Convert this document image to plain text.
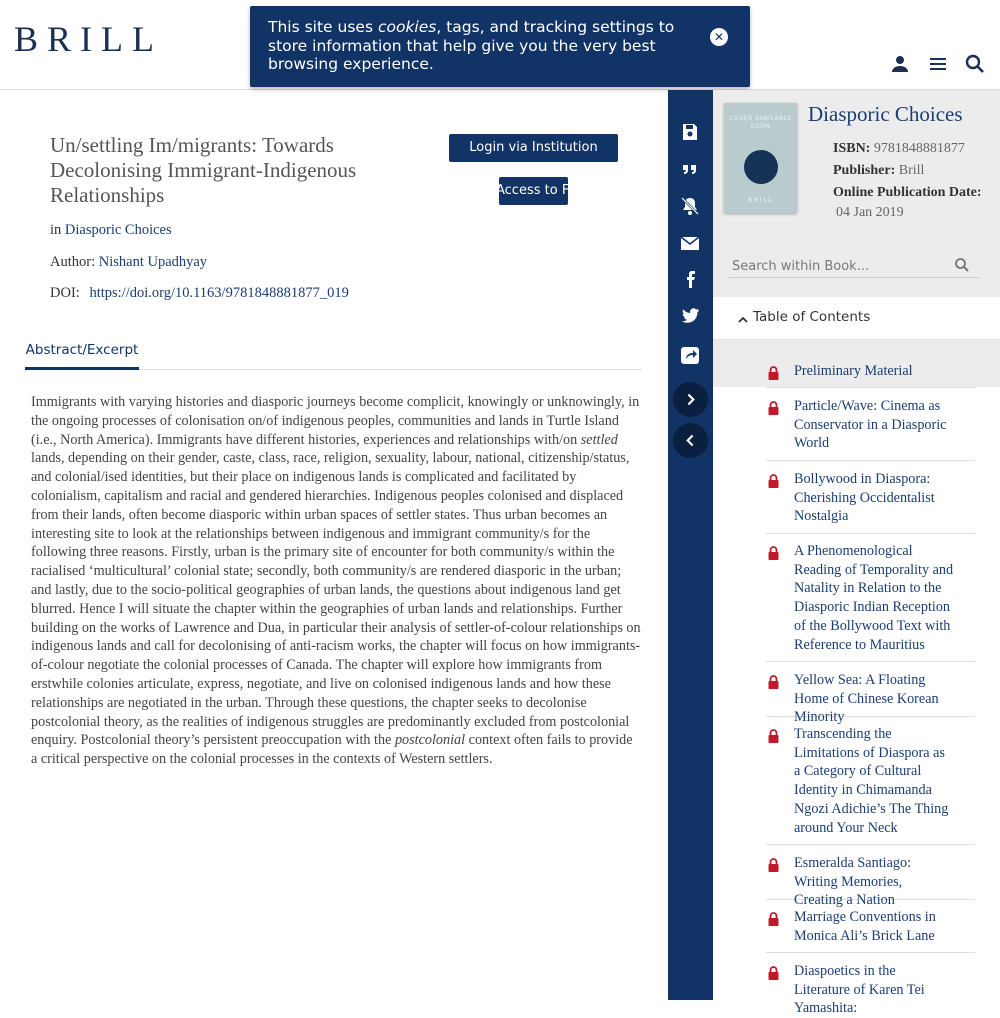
BRILL	This site uses cookies, tags, and tracking settings to store information that help give you the very best browsing experience.
✕
Un/settling Im/migrants: Towards Decolonising Immigrant-Indigenous Relationships
in Diasporic Choices
Author: Nishant Upadhyay
DOI: https://doi.org/10.1163/9781848881877_019
Login via Institution
Access to Full Text
Abstract/Excerpt
Immigrants with varying histories and diasporic journeys become complicit, knowingly or unknowingly, in the ongoing processes of colonisation on/of indigenous peoples, communities and lands in Turtle Island (i.e., North America). Immigrants have different histories, experiences and relationships with/on settled lands, depending on their gender, caste, class, race, religion, sexuality, labour, national, citizenship/status, and colonial/ised identities, but their place on indigenous lands is complicated and facilitated by colonialism, capitalism and racial and gendered hierarchies. Indigenous peoples colonised and displaced from their lands, often become diasporic within urban spaces of settler states. Thus urban becomes an interesting site to look at the relationships between indigenous and immigrant community/s for the following three reasons. Firstly, urban is the primary site of encounter for both community/s within the racialised ‘multicultural’ colonial state; secondly, both community/s are rendered diasporic in the urban; and lastly, due to the socio-political geographies of urban lands, the questions about indigenous land get blurred. Hence I will situate the chapter within the geographies of urban lands and relationships. Further building on the works of Lawrence and Dua, in particular their analysis of settler-of-colour relationships on indigenous lands and call for decolonising of anti-racism works, the chapter will focus on how immigrants-of-colour negotiate the colonial processes of Canada. The chapter will explore how immigrants from erstwhile colonies articulate, express, negotiate, and live on colonised indigenous lands and how these relationships are negotiated in the urban. Through these questions, the chapter seeks to decolonise postcolonial theory, as the realities of indigenous struggles are predominantly excluded from postcolonial enquiry. Postcolonial theory’s persistent preoccupation with the postcolonial context often fails to provide a critical perspective on the colonial processes in the contexts of Western settlers.
COVER AVAILABLE SOON
BRILL
Diasporic Choices
ISBN: 9781848881877
Publisher: Brill
Online Publication Date:
04 Jan 2019
Search within Book...
Table of Contents
Preliminary Material
Particle/Wave: Cinema as Conservator in a Diasporic World
Bollywood in Diaspora: Cherishing Occidentalist Nostalgia
A Phenomenological Reading of Temporality and Natality in Relation to the Diasporic Indian Reception of the Bollywood Text with Reference to Mauritius
Yellow Sea: A Floating Home of Chinese Korean Minority
Transcending the Limitations of Diaspora as a Category of Cultural Identity in Chimamanda Ngozi Adichie’s The Thing around Your Neck
Esmeralda Santiago: Writing Memories, Creating a Nation
Marriage Conventions in Monica Ali’s Brick Lane
Diaspoetics in the Literature of Karen Tei Yamashita:
